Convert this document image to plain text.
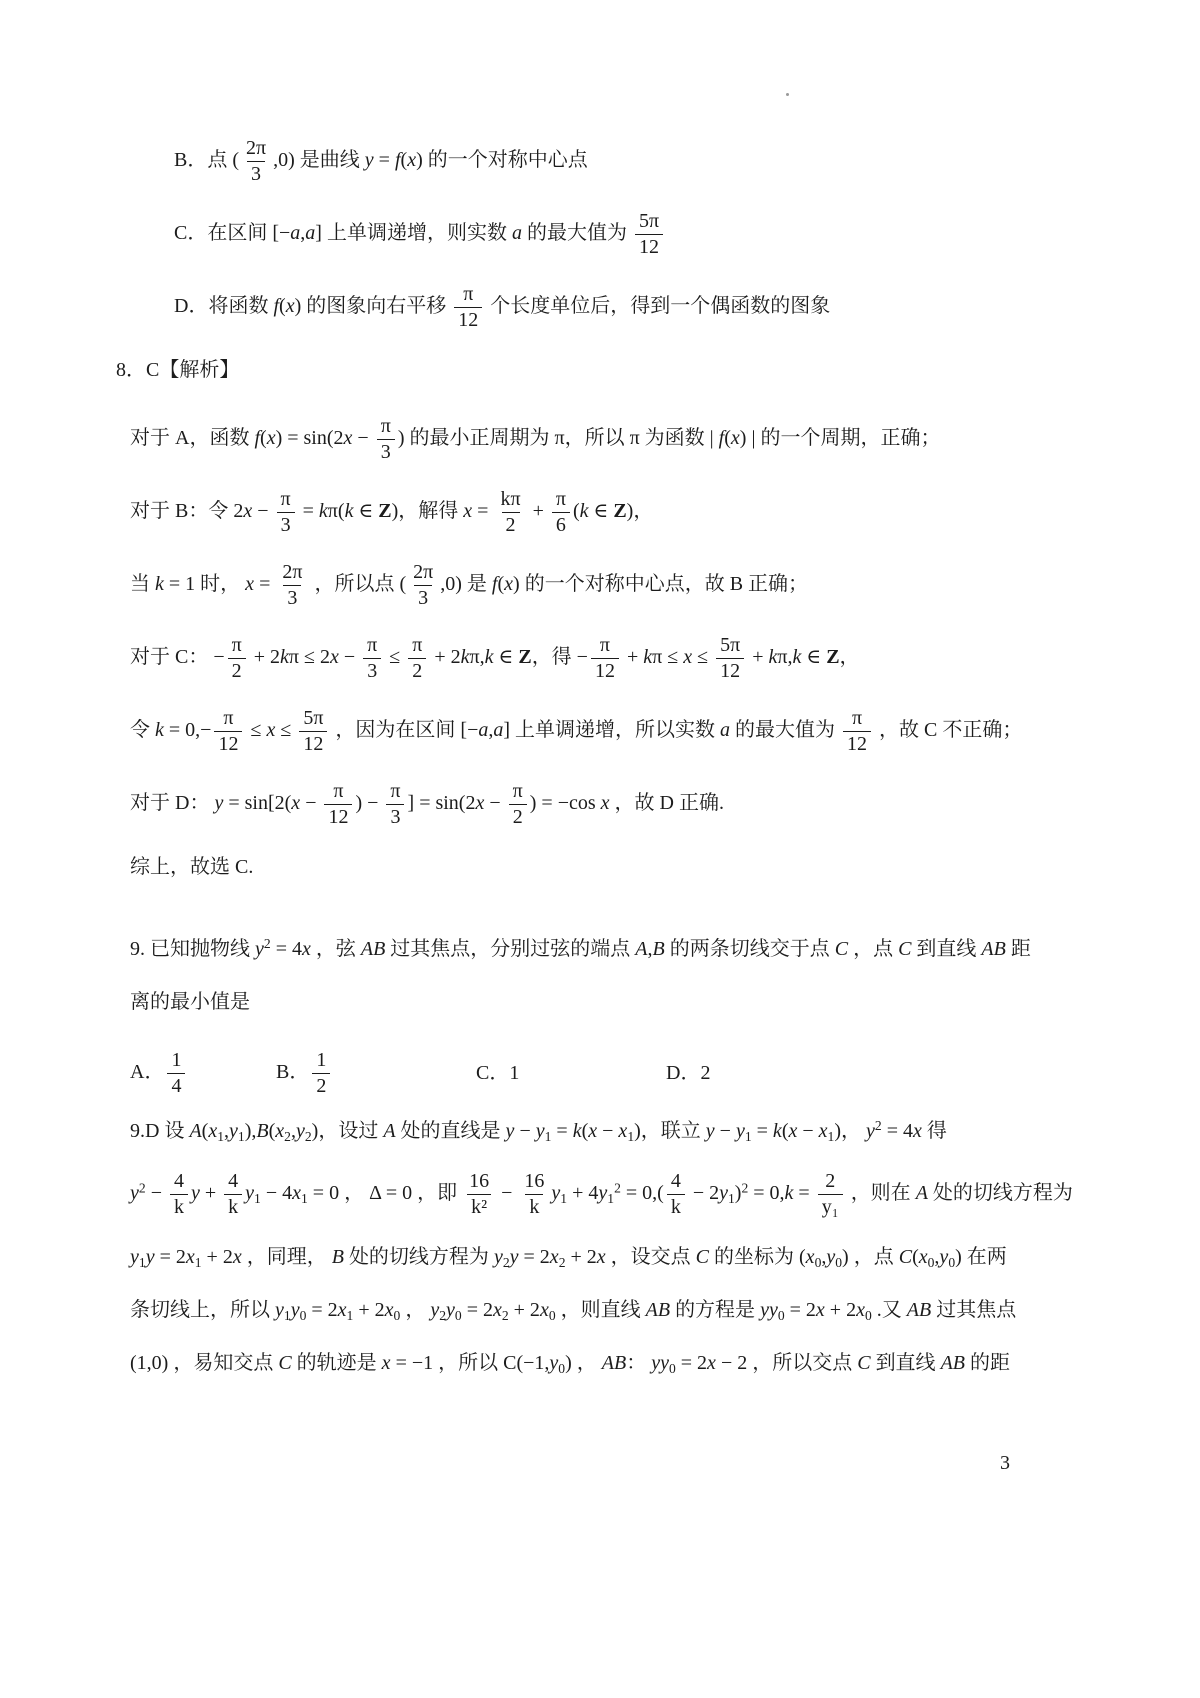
B．点 ( $\frac{2\pi}{3} ,0$) 是曲线 y = f(x) 的一个对称中心点
C．在区间 [−a,a] 上单调递增，则实数 a 的最大值为 $\frac{5\pi}{12}$
D．将函数 f(x) 的图象向右平移 $\frac{\pi}{12}$ 个长度单位后，得到一个偶函数的图象
8．C【解析】
对于 A，函数 $f(x) = \sin(2x - \frac{\pi}{3}$ ) 的最小正周期为 π，所以 π 为函数 | f(x) | 的一个周期，正确；
对于 B：令 $2x - \frac{\pi}{3} = k\pi(k$ ∈ Z)，解得 $x = \frac{k\pi}{2} + \frac{\pi}{6} (k$ ∈ Z)，
当 k = 1 时， $x = \frac{2\pi}{3}$ ，所以点 ( $\frac{2\pi}{3} ,0$) 是 f(x) 的一个对称中心点，故 B 正确；
对于 C： − $\frac{\pi}{2} + 2k\pi \le 2x - \frac{\pi}{3} \le \frac{\pi}{2} + 2k\pi,k$ ∈ Z，得 − $\frac{\pi}{12} + k\pi \le x \le \frac{5\pi}{12} + k\pi,k$ ∈ Z，
令 $k = 0,- \frac{\pi}{12} \le x \le \frac{5\pi}{12}$ ，因为在区间 [−a,a] 上单调递增，所以实数 a 的最大值为 $\frac{\pi}{12}$ ，故 C 不正确；
对于 D： $y = \sin[2(x - \frac{\pi}{12}$ ) − $\frac{\pi}{3}$ ] = $\sin(2x - \frac{\pi}{2}$ ) = −cos x ，故 D 正确.
综上，故选 C.
9. 已知抛物线 $y^2 = 4x$ ，弦 AB 过其焦点，分别过弦的端点 A,B 的两条切线交于点 C ，点 C 到直线 AB 距
离的最小值是
A． $\frac{1}{4}$	B． $\frac{1}{2}$	C．1	D．2
9.D 设 $A(x_1,y_1),B(x_2,y_2)$，设过 A 处的直线是 $y - y_1 = k(x - x_1)$，联立 $y - y_1 = k(x - x_1)$， $y^2 = 4x$ 得
$y^2 - \frac{4}{k}$ $y + \frac{4}{k} y_1 - 4x_1 = 0$ ， Δ = 0 ，即 $\frac{16}{\text{k²}} - \frac{16}{k} y_1 + 4y_1^2 = 0,( \frac{4}{k} - 2y_1)^2 = 0,k = \frac{2}{\text{y₁}}$ ，则在 A 处的切线方程为
$y_1y = 2x_1 + 2x$ ，同理， B 处的切线方程为 $y_2y = 2x_2 + 2x$ ，设交点 C 的坐标为 $(x_0,y_0)$ ，点 $C(x_0,y_0)$ 在两
条切线上，所以 $y_1y_0 = 2x_1 + 2x_0$ ， $y_2y_0 = 2x_2 + 2x_0$ ，则直线 AB 的方程是 $yy_0 = 2x + 2x_0$ .又 AB 过其焦点
(1,0) ，易知交点 C 的轨迹是 x = −1 ，所以 $C(-1,y_0)$ ， AB： $yy_0 = 2x - 2$ ，所以交点 C 到直线 AB 的距
3
